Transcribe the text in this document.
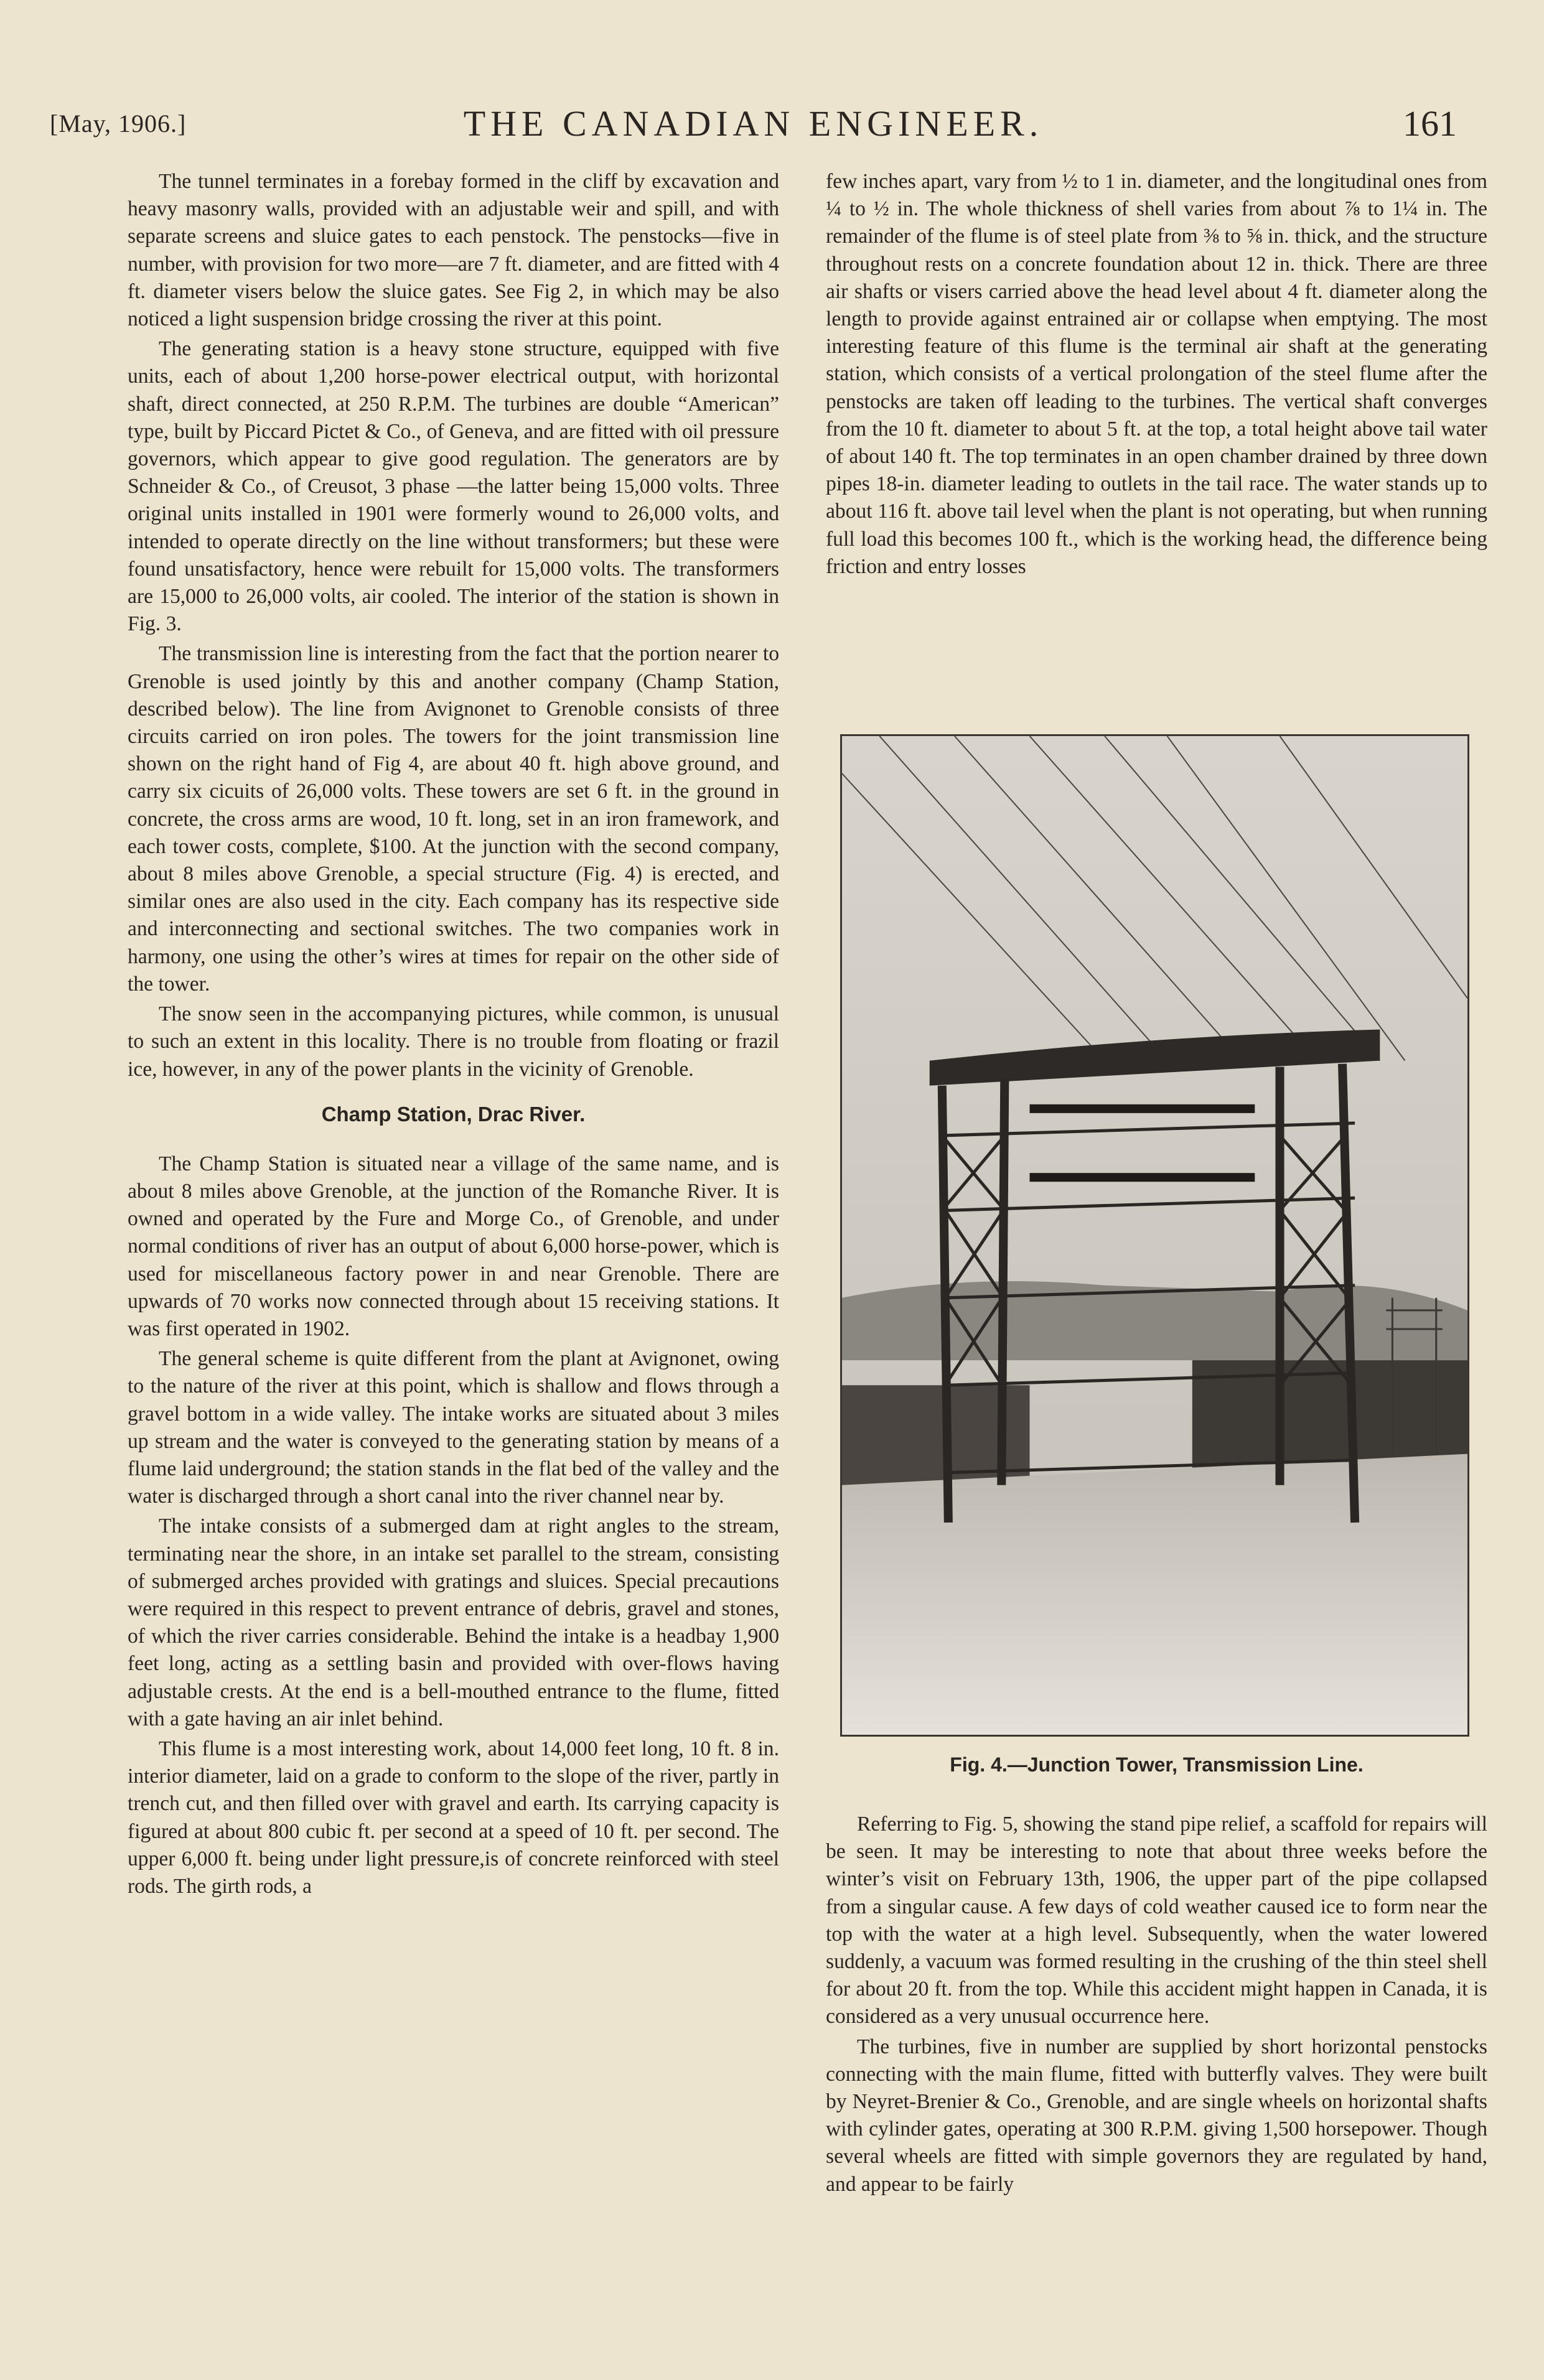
[May, 1906.]	THE CANADIAN ENGINEER.	161

The tunnel terminates in a forebay formed in the cliff by excavation and heavy masonry walls, provided with an adjustable weir and spill, and with separate screens and sluice gates to each penstock. The penstocks—five in number, with provision for two more—are 7 ft. diameter, and are fitted with 4 ft. diameter visers below the sluice gates. See Fig 2, in which may be also noticed a light suspension bridge crossing the river at this point.

The generating station is a heavy stone structure, equipped with five units, each of about 1,200 horse-power electrical output, with horizontal shaft, direct connected, at 250 R.P.M. The turbines are double “American” type, built by Piccard Pictet & Co., of Geneva, and are fitted with oil pressure governors, which appear to give good regulation. The generators are by Schneider & Co., of Creusot, 3 phase —the latter being 15,000 volts. Three original units installed in 1901 were formerly wound to 26,000 volts, and intended to operate directly on the line without transformers; but these were found unsatisfactory, hence were rebuilt for 15,000 volts. The transformers are 15,000 to 26,000 volts, air cooled. The interior of the station is shown in Fig. 3.

The transmission line is interesting from the fact that the portion nearer to Grenoble is used jointly by this and another company (Champ Station, described below). The line from Avignonet to Grenoble consists of three circuits carried on iron poles. The towers for the joint transmission line shown on the right hand of Fig 4, are about 40 ft. high above ground, and carry six cicuits of 26,000 volts. These towers are set 6 ft. in the ground in concrete, the cross arms are wood, 10 ft. long, set in an iron framework, and each tower costs, complete, $100. At the junction with the second company, about 8 miles above Grenoble, a special structure (Fig. 4) is erected, and similar ones are also used in the city. Each company has its respective side and interconnecting and sectional switches. The two companies work in harmony, one using the other’s wires at times for repair on the other side of the tower.

The snow seen in the accompanying pictures, while common, is unusual to such an extent in this locality. There is no trouble from floating or frazil ice, however, in any of the power plants in the vicinity of Grenoble.

Champ Station, Drac River.

The Champ Station is situated near a village of the same name, and is about 8 miles above Grenoble, at the junction of the Romanche River. It is owned and operated by the Fure and Morge Co., of Grenoble, and under normal conditions of river has an output of about 6,000 horse-power, which is used for miscellaneous factory power in and near Grenoble. There are upwards of 70 works now connected through about 15 receiving stations. It was first operated in 1902.

The general scheme is quite different from the plant at Avignonet, owing to the nature of the river at this point, which is shallow and flows through a gravel bottom in a wide valley. The intake works are situated about 3 miles up stream and the water is conveyed to the generating station by means of a flume laid underground; the station stands in the flat bed of the valley and the water is discharged through a short canal into the river channel near by.

The intake consists of a submerged dam at right angles to the stream, terminating near the shore, in an intake set parallel to the stream, consisting of submerged arches provided with gratings and sluices. Special precautions were required in this respect to prevent entrance of debris, gravel and stones, of which the river carries considerable. Behind the intake is a headbay 1,900 feet long, acting as a settling basin and provided with over-flows having adjustable crests. At the end is a bell-mouthed entrance to the flume, fitted with a gate having an air inlet behind.

This flume is a most interesting work, about 14,000 feet long, 10 ft. 8 in. interior diameter, laid on a grade to conform to the slope of the river, partly in trench cut, and then filled over with gravel and earth. Its carrying capacity is figured at about 800 cubic ft. per second at a speed of 10 ft. per second. The upper 6,000 ft. being under light pressure,is of concrete reinforced with steel rods. The girth rods, a

few inches apart, vary from ½ to 1 in. diameter, and the longitudinal ones from ¼ to ½ in. The whole thickness of shell varies from about ⅞ to 1¼ in. The remainder of the flume is of steel plate from ⅜ to ⅝ in. thick, and the structure throughout rests on a concrete foundation about 12 in. thick. There are three air shafts or visers carried above the head level about 4 ft. diameter along the length to provide against entrained air or collapse when emptying. The most interesting feature of this flume is the terminal air shaft at the generating station, which consists of a vertical prolongation of the steel flume after the penstocks are taken off leading to the turbines. The vertical shaft converges from the 10 ft. diameter to about 5 ft. at the top, a total height above tail water of about 140 ft. The top terminates in an open chamber drained by three down pipes 18-in. diameter leading to outlets in the tail race. The water stands up to about 116 ft. above tail level when the plant is not operating, but when running full load this becomes 100 ft., which is the working head, the difference being friction and entry losses

Fig. 4.—Junction Tower, Transmission Line.

Referring to Fig. 5, showing the stand pipe relief, a scaffold for repairs will be seen. It may be interesting to note that about three weeks before the winter’s visit on February 13th, 1906, the upper part of the pipe collapsed from a singular cause. A few days of cold weather caused ice to form near the top with the water at a high level. Subsequently, when the water lowered suddenly, a vacuum was formed resulting in the crushing of the thin steel shell for about 20 ft. from the top. While this accident might happen in Canada, it is considered as a very unusual occurrence here.

The turbines, five in number are supplied by short horizontal penstocks connecting with the main flume, fitted with butterfly valves. They were built by Neyret-Brenier & Co., Grenoble, and are single wheels on horizontal shafts with cylinder gates, operating at 300 R.P.M. giving 1,500 horsepower. Though several wheels are fitted with simple governors they are regulated by hand, and appear to be fairly
